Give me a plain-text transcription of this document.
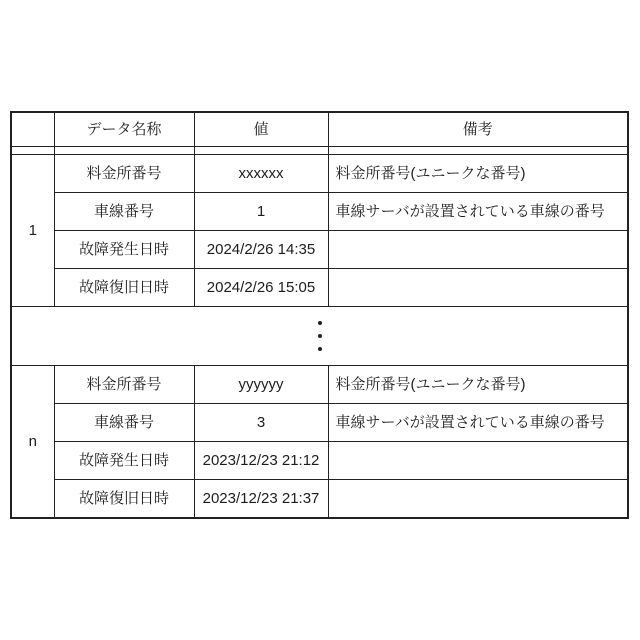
	データ名称	値	備考

1	料金所番号	xxxxxx	料金所番号(ユニークな番号)
	車線番号	1	車線サーバが設置されている車線の番号
	故障発生日時	2024/2/26 14:35	
	故障復旧日時	2024/2/26 15:05	

n	料金所番号	yyyyyy	料金所番号(ユニークな番号)
	車線番号	3	車線サーバが設置されている車線の番号
	故障発生日時	2023/12/23 21:12	
	故障復旧日時	2023/12/23 21:37	
